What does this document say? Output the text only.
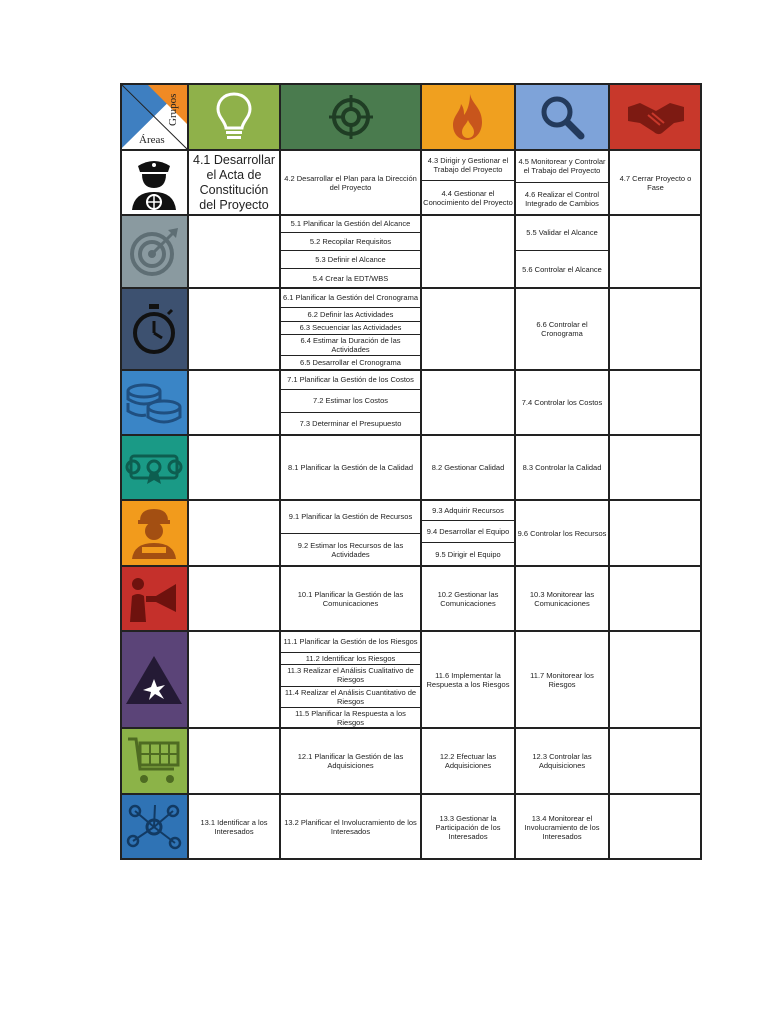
Áreas
Grupos
4.1 Desarrollar el Acta de Constitución del Proyecto
4.2 Desarrollar el Plan para la Dirección del Proyecto
4.3 Dirigir y Gestionar el Trabajo del Proyecto
4.4 Gestionar el Conocimiento del Proyecto
4.5 Monitorear y Controlar el Trabajo del Proyecto
4.6 Realizar el Control Integrado de Cambios
4.7 Cerrar Proyecto o Fase
5.1 Planificar la Gestión del Alcance
5.2 Recopilar Requisitos
5.3 Definir el Alcance
5.4 Crear la EDT/WBS
5.5 Validar el Alcance
5.6 Controlar el Alcance
6.1 Planificar la Gestión del Cronograma
6.2 Definir las Actividades
6.3 Secuenciar las Actividades
6.4 Estimar la Duración de las Actividades
6.5 Desarrollar el Cronograma
6.6 Controlar el Cronograma
7.1 Planificar la Gestión de los Costos
7.2 Estimar los Costos
7.3 Determinar el Presupuesto
7.4 Controlar los Costos
8.1 Planificar la Gestión de la Calidad	8.2 Gestionar Calidad	8.3 Controlar la Calidad
9.1 Planificar la Gestión de Recursos
9.2 Estimar los Recursos de las Actividades
9.3 Adquirir Recursos
9.4 Desarrollar el Equipo
9.5 Dirigir el Equipo
9.6 Controlar los Recursos
10.1 Planificar la Gestión de las Comunicaciones
10.2 Gestionar las Comunicaciones
10.3 Monitorear las Comunicaciones
11.1 Planificar la Gestión de los Riesgos
11.2 Identificar los Riesgos
11.3 Realizar el Análisis Cualitativo de Riesgos
11.4 Realizar el Análisis Cuantitativo de Riesgos
11.5 Planificar la Respuesta a los Riesgos
11.6 Implementar la Respuesta a los Riesgos
11.7 Monitorear los Riesgos
12.1 Planificar la Gestión de las Adquisiciones
12.2 Efectuar las Adquisiciones
12.3 Controlar las Adquisiciones
13.1 Identificar a los Interesados
13.2 Planificar el Involucramiento de los Interesados
13.3 Gestionar la Participación de los Interesados
13.4 Monitorear el Involucramiento de los Interesados
